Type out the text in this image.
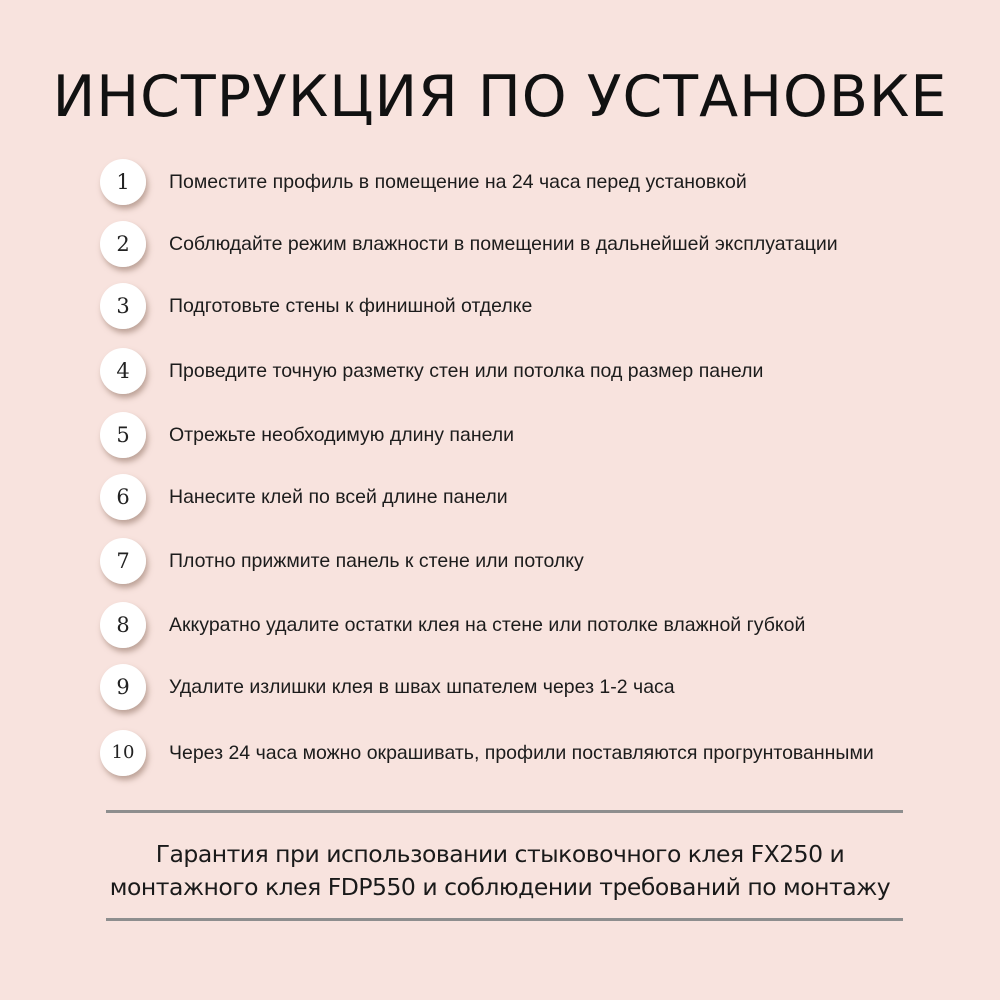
ИНСТРУКЦИЯ ПО УСТАНОВКЕ
1	Поместите профиль в помещение на 24 часа перед установкой
2	Соблюдайте режим влажности в помещении в дальнейшей эксплуатации
3	Подготовьте стены к финишной отделке
4	Проведите точную разметку стен или потолка под размер панели
5	Отрежьте необходимую длину панели
6	Нанесите клей по всей длине панели
7	Плотно прижмите панель к стене или потолку
8	Аккуратно удалите остатки клея на стене или потолке влажной губкой
9	Удалите излишки клея в швах шпателем через 1-2 часа
10	Через 24 часа можно окрашивать, профили поставляются прогрунтованными
Гарантия при использовании стыковочного клея FX250 и
монтажного клея FDP550 и соблюдении требований по монтажу
